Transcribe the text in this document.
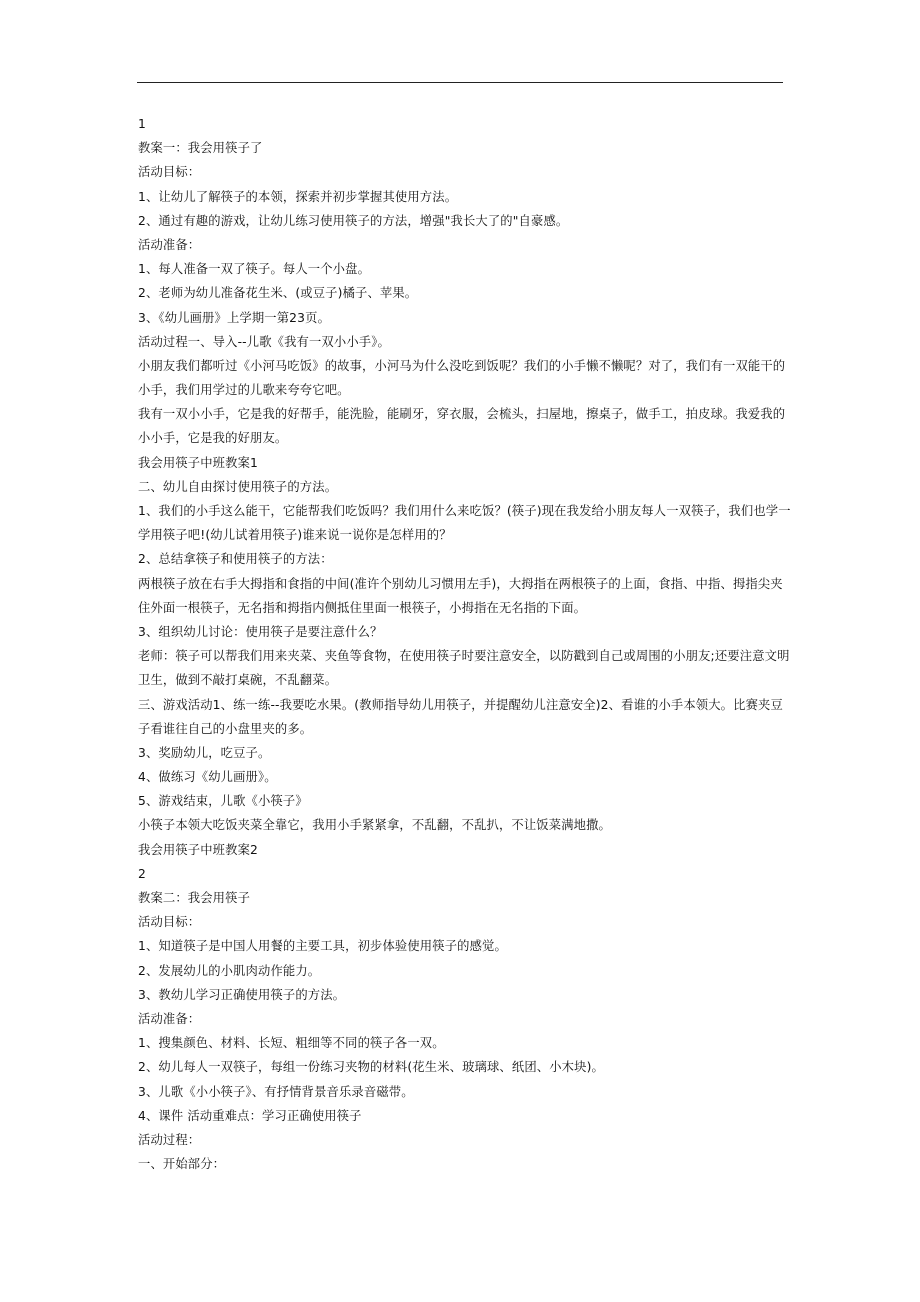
1

教案一：我会用筷子了

活动目标：

1、让幼儿了解筷子的本领，探索并初步掌握其使用方法。

2、通过有趣的游戏，让幼儿练习使用筷子的方法，增强"我长大了的"自豪感。

活动准备：

1、每人准备一双了筷子。每人一个小盘。

2、老师为幼儿准备花生米、(或豆子)橘子、苹果。

3、《幼儿画册》上学期一第23页。

活动过程一、导入--儿歌《我有一双小小手》。

小朋友我们都听过《小河马吃饭》的故事，小河马为什么没吃到饭呢？我们的小手懒不懒呢？对了，我们有一双能干的

小手，我们用学过的儿歌来夸夸它吧。

我有一双小小手，它是我的好帮手，能洗脸，能刷牙，穿衣服，会梳头，扫屋地，擦桌子，做手工，拍皮球。我爱我的

小小手，它是我的好朋友。

我会用筷子中班教案1

二、幼儿自由探讨使用筷子的方法。

1、我们的小手这么能干，它能帮我们吃饭吗？我们用什么来吃饭？(筷子)现在我发给小朋友每人一双筷子，我们也学一

学用筷子吧!(幼儿试着用筷子)谁来说一说你是怎样用的？

2、总结拿筷子和使用筷子的方法：

两根筷子放在右手大拇指和食指的中间(准许个别幼儿习惯用左手)，大拇指在两根筷子的上面，食指、中指、拇指尖夹

住外面一根筷子，无名指和拇指内侧抵住里面一根筷子，小拇指在无名指的下面。

3、组织幼儿讨论：使用筷子是要注意什么？

老师：筷子可以帮我们用来夹菜、夹鱼等食物，在使用筷子时要注意安全，以防戳到自己或周围的小朋友;还要注意文明

卫生，做到不敲打桌碗，不乱翻菜。

三、游戏活动1、练一练--我要吃水果。(教师指导幼儿用筷子，并提醒幼儿注意安全)2、看谁的小手本领大。比赛夹豆

子看谁往自己的小盘里夹的多。

3、奖励幼儿，吃豆子。

4、做练习《幼儿画册》。

5、游戏结束，儿歌《小筷子》

小筷子本领大吃饭夹菜全靠它，我用小手紧紧拿，不乱翻，不乱扒，不让饭菜满地撒。

我会用筷子中班教案2

2

教案二：我会用筷子

活动目标：

1、知道筷子是中国人用餐的主要工具，初步体验使用筷子的感觉。

2、发展幼儿的小肌肉动作能力。

3、教幼儿学习正确使用筷子的方法。

活动准备：

1、搜集颜色、材料、长短、粗细等不同的筷子各一双。

2、幼儿每人一双筷子，每组一份练习夹物的材料(花生米、玻璃球、纸团、小木块)。

3、儿歌《小小筷子》、有抒情背景音乐录音磁带。

4、课件 活动重难点：学习正确使用筷子

活动过程：

一、开始部分：
